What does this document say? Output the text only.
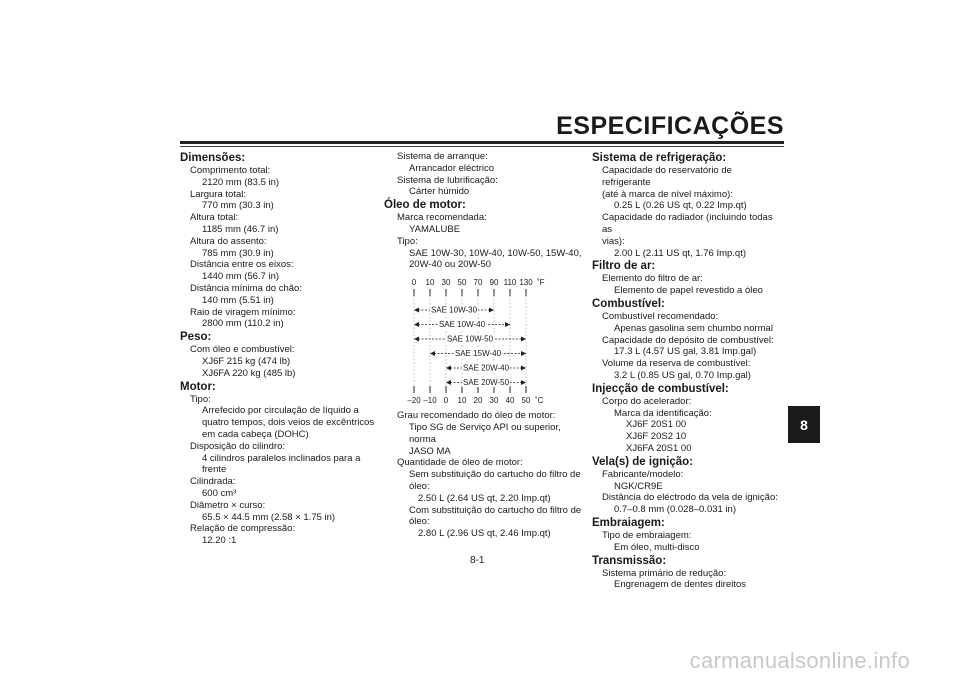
ESPECIFICAÇÕES
Dimensões:
Comprimento total:
2120 mm (83.5 in)
Largura total:
770 mm (30.3 in)
Altura total:
1185 mm (46.7 in)
Altura do assento:
785 mm (30.9 in)
Distância entre os eixos:
1440 mm (56.7 in)
Distância mínima do chão:
140 mm (5.51 in)
Raio de viragem mínimo:
2800 mm (110.2 in)
Peso:
Com óleo e combustível:
XJ6F 215 kg (474 lb)
XJ6FA 220 kg (485 lb)
Motor:
Tipo:
Arrefecido por circulação de líquido a
quatro tempos, dois veios de excêntricos
em cada cabeça (DOHC)
Disposição do cilindro:
4 cilindros paralelos inclinados para a
frente
Cilindrada:
600 cm³
Diâmetro × curso:
65.5 × 44.5 mm (2.58 × 1.75 in)
Relação de compressão:
12.20 :1
Sistema de arranque:
Arrancador eléctrico
Sistema de lubrificação:
Cárter húmido
Óleo de motor:
Marca recomendada:
YAMALUBE
Tipo:
SAE 10W-30, 10W-40, 10W-50, 15W-40,
20W-40 ou 20W-50
0 10 30 50 70 90 110 130 ˚F
–20 –10 0 10 20 30 40 50 ˚C
SAE 10W-30
SAE 10W-40
SAE 10W-50
SAE 15W-40
SAE 20W-40
SAE 20W-50
Grau recomendado do óleo de motor:
Tipo SG de Serviço API ou superior, norma
JASO MA
Quantidade de óleo de motor:
Sem substituição do cartucho do filtro de
óleo:
2.50 L (2.64 US qt, 2.20 Imp.qt)
Com substituição do cartucho do filtro de
óleo:
2.80 L (2.96 US qt, 2.46 Imp.qt)
Sistema de refrigeração:
Capacidade do reservatório de refrigerante
(até à marca de nível máximo):
0.25 L (0.26 US qt, 0.22 Imp.qt)
Capacidade do radiador (incluindo todas as
vias):
2.00 L (2.11 US qt, 1.76 Imp.qt)
Filtro de ar:
Elemento do filtro de ar:
Elemento de papel revestido a óleo
Combustível:
Combustível recomendado:
Apenas gasolina sem chumbo normal
Capacidade do depósito de combustível:
17.3 L (4.57 US gal, 3.81 Imp.gal)
Volume da reserva de combustível:
3.2 L (0.85 US gal, 0.70 Imp.gal)
Injecção de combustível:
Corpo do acelerador:
Marca da identificação:
XJ6F 20S1 00
XJ6F 20S2 10
XJ6FA 20S1 00
Vela(s) de ignição:
Fabricante/modelo:
NGK/CR9E
Distância do eléctrodo da vela de ignição:
0.7–0.8 mm (0.028–0.031 in)
Embraiagem:
Tipo de embraiagem:
Em óleo, multi-disco
Transmissão:
Sistema primário de redução:
Engrenagem de dentes direitos
8
8-1
carmanualsonline.info
